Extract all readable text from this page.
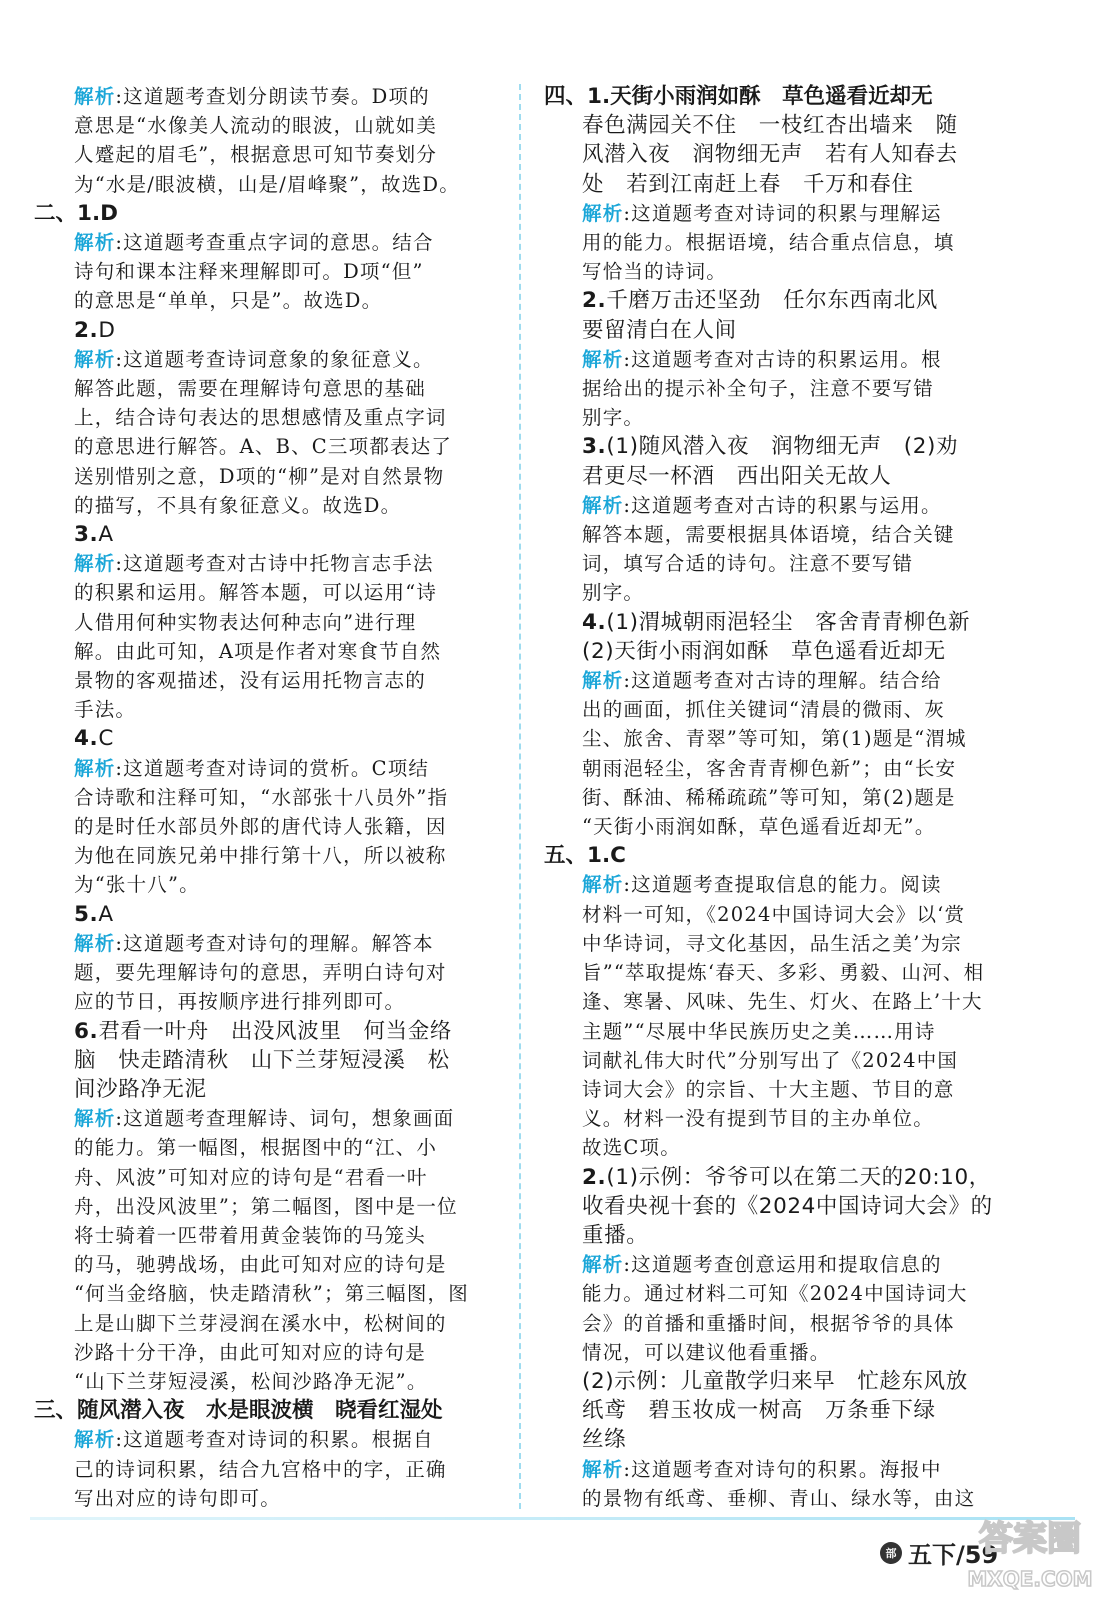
解析:这道题考查划分朗读节奏。D项的
意思是“水像美人流动的眼波，山就如美
人蹙起的眉毛”，根据意思可知节奏划分
为“水是/眼波横，山是/眉峰聚”，故选D。
二、1.D
解析:这道题考查重点字词的意思。结合
诗句和课本注释来理解即可。D项“但”
的意思是“单单，只是”。故选D。
2.D
解析:这道题考查诗词意象的象征意义。
解答此题，需要在理解诗句意思的基础
上，结合诗句表达的思想感情及重点字词
的意思进行解答。A、B、C三项都表达了
送别惜别之意，D项的“柳”是对自然景物
的描写，不具有象征意义。故选D。
3.A
解析:这道题考查对古诗中托物言志手法
的积累和运用。解答本题，可以运用“诗
人借用何种实物表达何种志向”进行理
解。由此可知，A项是作者对寒食节自然
景物的客观描述，没有运用托物言志的
手法。
4.C
解析:这道题考查对诗词的赏析。C项结
合诗歌和注释可知，“水部张十八员外”指
的是时任水部员外郎的唐代诗人张籍，因
为他在同族兄弟中排行第十八，所以被称
为“张十八”。
5.A
解析:这道题考查对诗句的理解。解答本
题，要先理解诗句的意思，弄明白诗句对
应的节日，再按顺序进行排列即可。
6.君看一叶舟　出没风波里　何当金络
脑　快走踏清秋　山下兰芽短浸溪　松
间沙路净无泥
解析:这道题考查理解诗、词句，想象画面
的能力。第一幅图，根据图中的“江、小
舟、风波”可知对应的诗句是“君看一叶
舟，出没风波里”；第二幅图，图中是一位
将士骑着一匹带着用黄金装饰的马笼头
的马，驰骋战场，由此可知对应的诗句是
“何当金络脑，快走踏清秋”；第三幅图，图
上是山脚下兰芽浸润在溪水中，松树间的
沙路十分干净，由此可知对应的诗句是
“山下兰芽短浸溪，松间沙路净无泥”。
三、随风潜入夜　水是眼波横　晓看红湿处
解析:这道题考查对诗词的积累。根据自
己的诗词积累，结合九宫格中的字，正确
写出对应的诗句即可。
四、1.天街小雨润如酥　草色遥看近却无
春色满园关不住　一枝红杏出墙来　随
风潜入夜　润物细无声　若有人知春去
处　若到江南赶上春　千万和春住
解析:这道题考查对诗词的积累与理解运
用的能力。根据语境，结合重点信息，填
写恰当的诗词。
2.千磨万击还坚劲　任尔东西南北风
要留清白在人间
解析:这道题考查对古诗的积累运用。根
据给出的提示补全句子，注意不要写错
别字。
3.(1)随风潜入夜　润物细无声　(2)劝
君更尽一杯酒　西出阳关无故人
解析:这道题考查对古诗的积累与运用。
解答本题，需要根据具体语境，结合关键
词，填写合适的诗句。注意不要写错
别字。
4.(1)渭城朝雨浥轻尘　客舍青青柳色新
(2)天街小雨润如酥　草色遥看近却无
解析:这道题考查对古诗的理解。结合给
出的画面，抓住关键词“清晨的微雨、灰
尘、旅舍、青翠”等可知，第(1)题是“渭城
朝雨浥轻尘，客舍青青柳色新”；由“长安
街、酥油、稀稀疏疏”等可知，第(2)题是
“天街小雨润如酥，草色遥看近却无”。
五、1.C
解析:这道题考查提取信息的能力。阅读
材料一可知，《2024中国诗词大会》以‘赏
中华诗词，寻文化基因，品生活之美’为宗
旨”“萃取提炼‘春天、多彩、勇毅、山河、相
逢、寒暑、风味、先生、灯火、在路上’十大
主题”“尽展中华民族历史之美……用诗
词献礼伟大时代”分别写出了《2024中国
诗词大会》的宗旨、十大主题、节目的意
义。材料一没有提到节目的主办单位。
故选C项。
2.(1)示例：爷爷可以在第二天的20:10，
收看央视十套的《2024中国诗词大会》的
重播。
解析:这道题考查创意运用和提取信息的
能力。通过材料二可知《2024中国诗词大
会》的首播和重播时间，根据爷爷的具体
情况，可以建议他看重播。
(2)示例：儿童散学归来早　忙趁东风放
纸鸢　碧玉妆成一树高　万条垂下绿
丝绦
解析:这道题考查对诗句的积累。海报中
的景物有纸鸢、垂柳、青山、绿水等，由这
部 五下/59
答案圈
MXQE.COM
